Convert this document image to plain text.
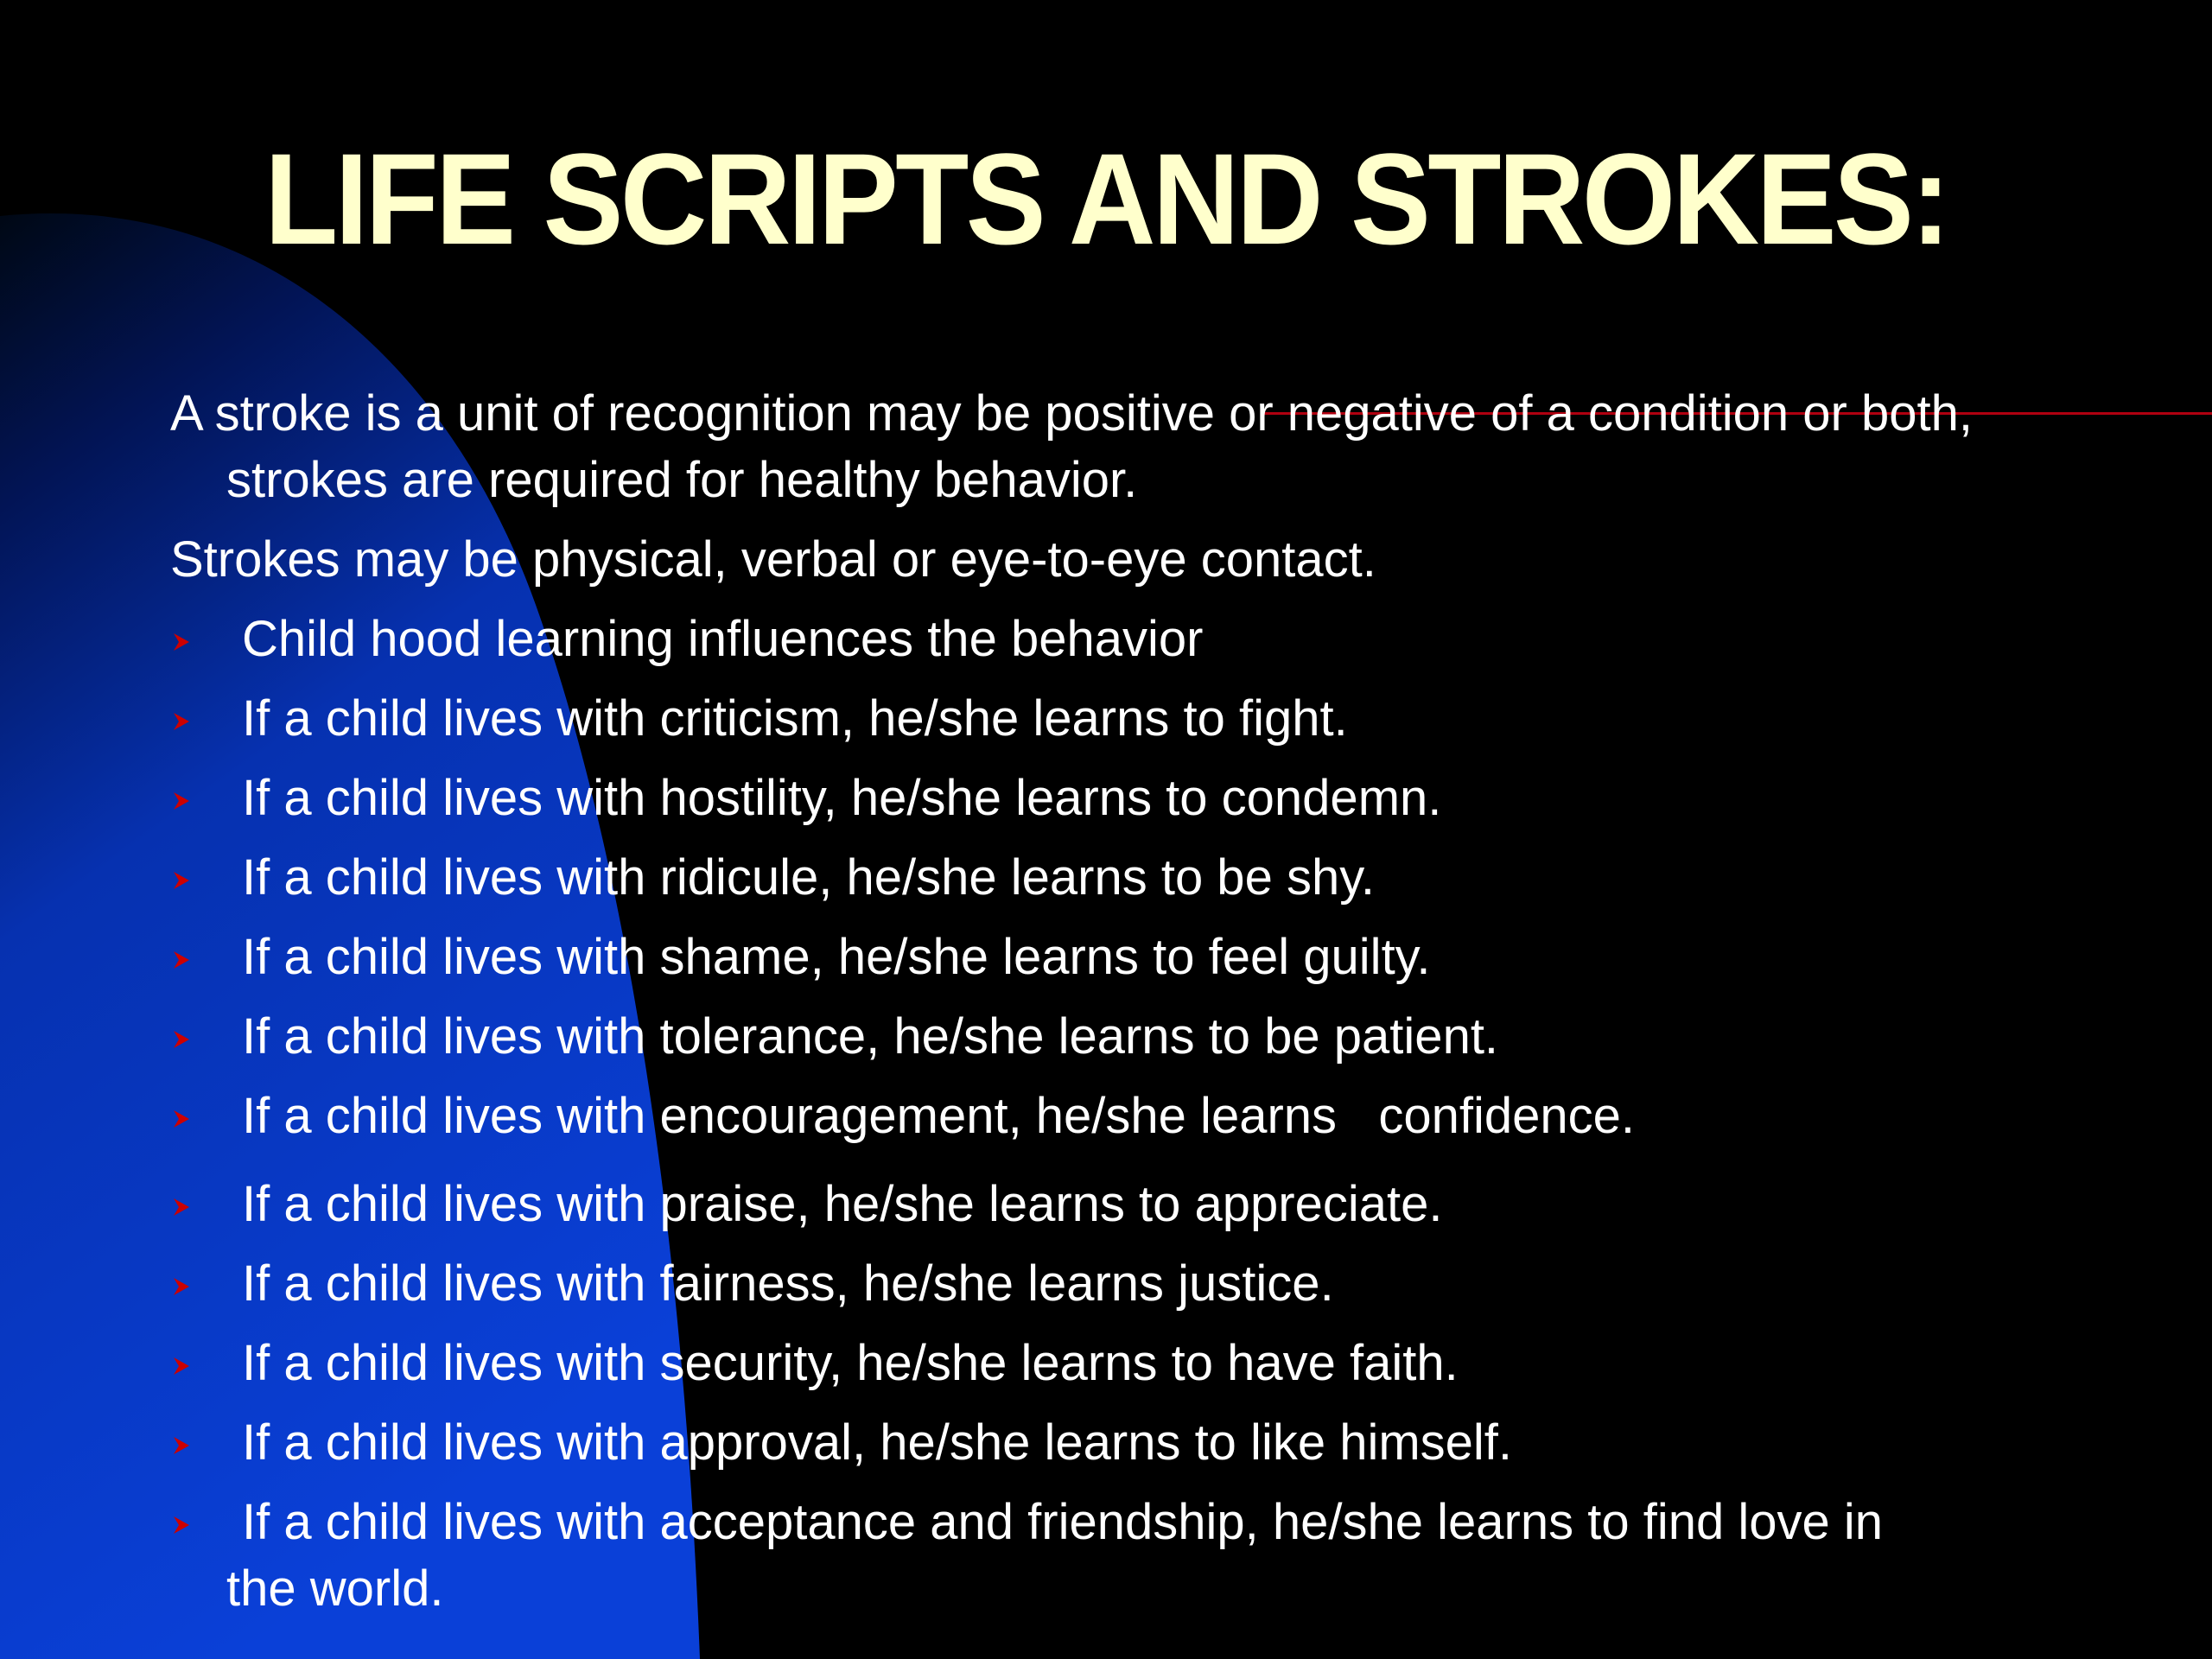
LIFE SCRIPTS AND STROKES:

A stroke is a unit of recognition may be positive or negative of a condition or both, strokes are required for healthy behavior.

Strokes may be physical, verbal or eye-to-eye contact.

Child hood learning influences the behavior
If a child lives with criticism, he/she learns to fight.
If a child lives with hostility, he/she learns to condemn.
If a child lives with ridicule, he/she learns to be shy.
If a child lives with shame, he/she learns to feel guilty.
If a child lives with tolerance, he/she learns to be patient.
If a child lives with encouragement, he/she learns   confidence.
If a child lives with praise, he/she learns to appreciate.
If a child lives with fairness, he/she learns justice.
If a child lives with security, he/she learns to have faith.
If a child lives with approval, he/she learns to like himself.
If a child lives with acceptance and friendship, he/she learns to find love in
the world.
